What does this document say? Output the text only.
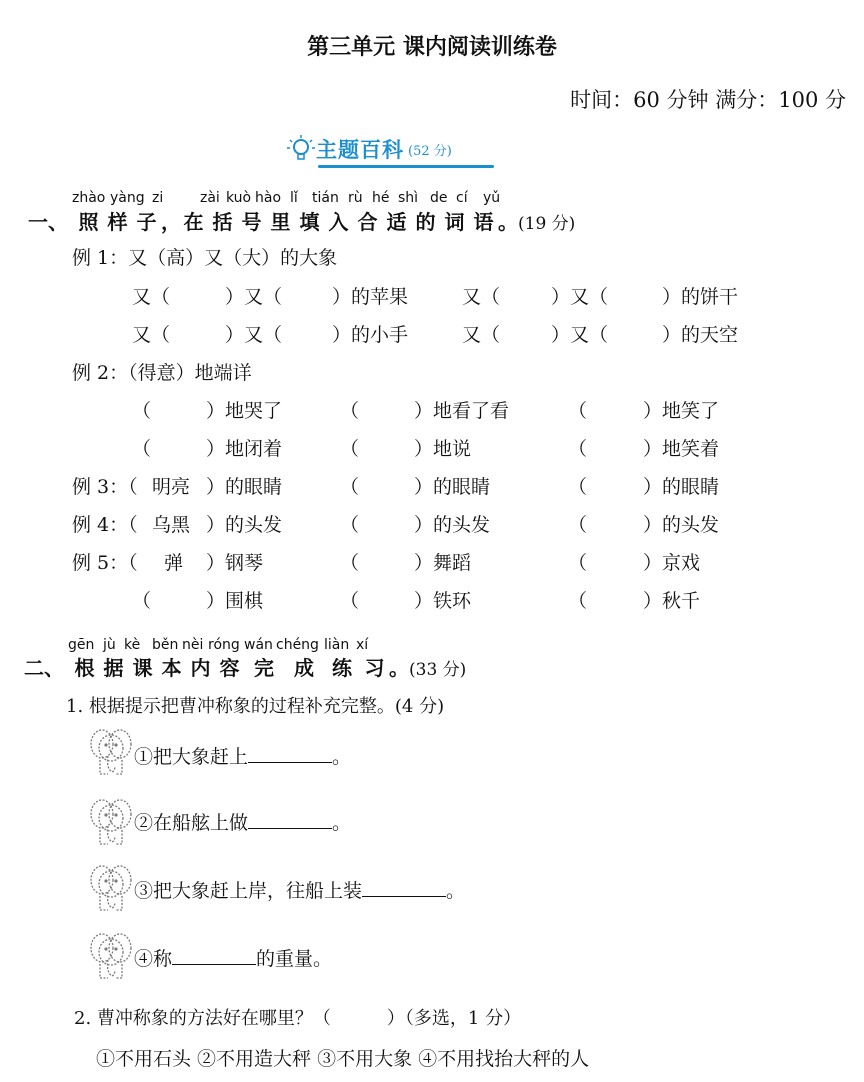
第三单元 课内阅读训练卷
时间：60 分钟 满分：100 分
主题百科 (52 分)
zhào yàng zi	zài kuò hào lǐ tián rù hé shì de cí yǔ
一、 照 样 子 ， 在 括 号 里 填 入 合 适 的 词 语 。(19 分)
例 1：又（高）又（大）的大象
又（	）又（	）的苹果	又（	）又（	）的饼干
又（	）又（	）的小手	又（	）又（	）的天空
例 2：（得意）地端详
（	）地哭了	（	）地看了看	（	）地笑了
（	）地闭着	（	）地说	（	）地笑着
例 3：（ 明亮 ）的眼睛	（	）的眼睛	（	）的眼睛
例 4：（ 乌黑 ）的头发	（	）的头发	（	）的头发
例 5：（ 弹 ）钢琴	（	）舞蹈	（	）京戏
（	）围棋	（	）铁环	（	）秋千
gēn jù kè běn nèi róng wán chéng liàn xí
二、 根 据 课 本 内 容 完 成 练 习 。(33 分)
1. 根据提示把曹冲称象的过程补充完整。(4 分)
①把大象赶上	。
②在船舷上做	。
③把大象赶上岸，往船上装	。
④称	的重量。
2. 曹冲称象的方法好在哪里？（	）（多选，1 分）
①不用石头 ②不用造大秤 ③不用大象 ④不用找抬大秤的人
